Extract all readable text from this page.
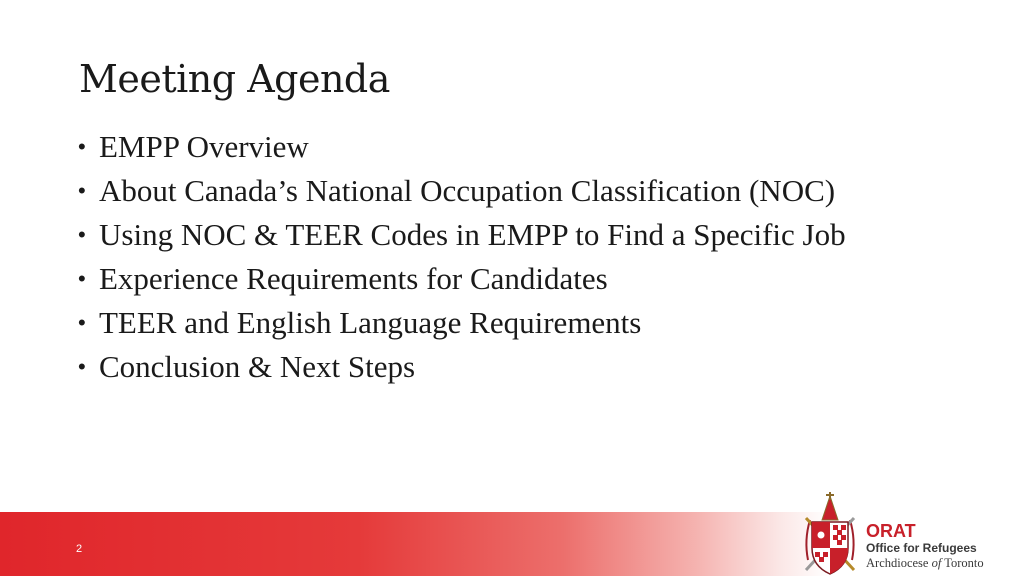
Meeting Agenda
• EMPP Overview
• About Canada’s National Occupation Classification (NOC)
• Using NOC & TEER Codes in EMPP to Find a Specific Job
• Experience Requirements for Candidates
• TEER and English Language Requirements
• Conclusion & Next Steps
2
ORAT
Office for Refugees
Archdiocese of Toronto
